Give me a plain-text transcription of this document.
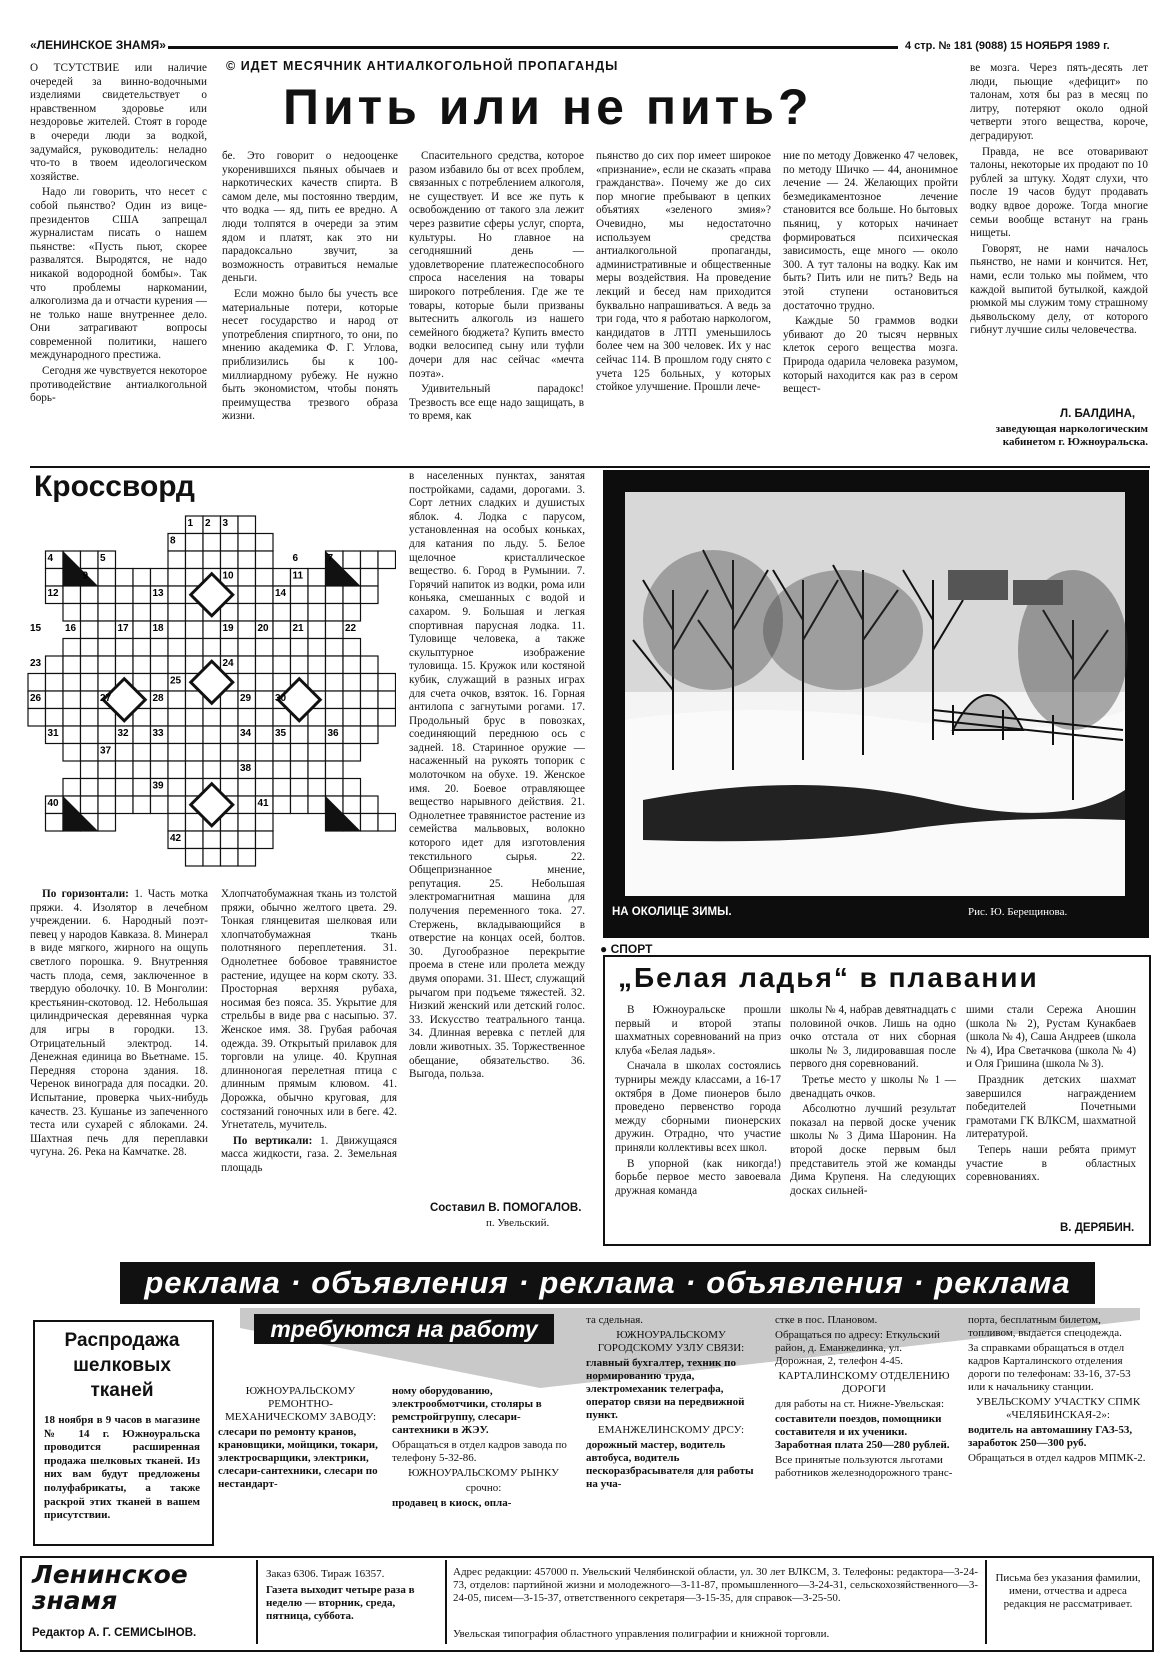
«ЛЕНИНСКОЕ ЗНАМЯ»	4 стр. № 181 (9088) 15 НОЯБРЯ 1989 г.
© ИДЕТ МЕСЯЧНИК АНТИАЛКОГОЛЬНОЙ ПРОПАГАНДЫ
Пить или не пить?

О ТСУТСТВИЕ или наличие очередей за винно-водочными изделиями свидетельствует о нравственном здоровье или нездоровье жителей. Стоят в городе в очереди люди за водкой, задумайся, руководитель: неладно что-то в твоем идеологическом хозяйстве.

Надо ли говорить, что несет с собой пьянство? Один из вице-президентов США запрещал журналистам писать о нашем пьянстве: «Пусть пьют, скорее развалятся. Выродятся, не надо никакой водородной бомбы». Так что проблемы наркомании, алкоголизма да и отчасти курения — не только наше внутреннее дело. Они затрагивают вопросы современной политики, нашего международного престижа.

Сегодня же чувствуется некоторое противодействие антиалкогольной борь-

бе. Это говорит о недооценке укоренившихся пьяных обычаев и наркотических качеств спирта. В самом деле, мы постоянно твердим, что водка — яд, пить ее вредно. А люди толпятся в очереди за этим ядом и платят, как это ни парадоксально звучит, за возможность отравиться немалые деньги.

Если можно было бы учесть все материальные потери, которые несет государство и народ от употребления спиртного, то они, по мнению академика Ф. Г. Углова, приблизились бы к 100-миллиардному рубежу. Не нужно быть экономистом, чтобы понять преимущества трезвого образа жизни.

Спасительного средства, которое разом избавило бы от всех проблем, связанных с потреблением алкоголя, не существует. И все же путь к освобождению от такого зла лежит через развитие сферы услуг, спорта, культуры. Но главное на сегодняшний день — удовлетворение платежеспособного спроса населения на товары широкого потребления. Где же те товары, которые были призваны вытеснить алкоголь из нашего семейного бюджета? Купить вместо водки велосипед сыну или туфли дочери для нас сейчас «мечта поэта».

Удивительный парадокс! Трезвость все еще надо защищать, в то время, как

пьянство до сих пор имеет широкое «признание», если не сказать «права гражданства». Почему же до сих пор многие пребывают в цепких объятиях «зеленого змия»? Очевидно, мы недостаточно используем средства антиалкогольной пропаганды, административные и общественные меры воздействия. На проведение лекций и бесед нам приходится буквально напрашиваться. А ведь за три года, что я работаю наркологом, кандидатов в ЛТП уменьшилось более чем на 300 человек. Их у нас сейчас 114. В прошлом году снято с учета 125 больных, у которых стойкое улучшение. Прошли лече-

ние по методу Довженко 47 человек, по методу Шичко — 44, анонимное лечение — 24. Желающих пройти безмедикаментозное лечение становится все больше. Но бытовых пьяниц, у которых начинает формироваться психическая зависимость, еще много — около 300. А тут талоны на водку. Как им быть? Пить или не пить? Ведь на этой ступени остановиться достаточно трудно.

Каждые 50 граммов водки убивают до 20 тысяч нервных клеток серого вещества мозга. Природа одарила человека разумом, который находится как раз в сером вещест-

ве мозга. Через пять-десять лет люди, пьющие «дефицит» по талонам, хотя бы раз в месяц по литру, потеряют около одной четверти этого вещества, короче, деградируют.

Правда, не все отоваривают талоны, некоторые их продают по 10 рублей за штуку. Ходят слухи, что после 19 часов будут продавать водку вдвое дороже. Тогда многие семьи вообще встанут на грань нищеты.

Говорят, не нами началось пьянство, не нами и кончится. Нет, нами, если только мы поймем, что каждой выпитой бутылкой, каждой рюмкой мы служим тому страшному дьявольскому делу, от которого гибнут лучшие силы человечества.

Л. БАЛДИНА,
заведующая наркологическим кабинетом г. Южноуральска.
Кроссворд
1 2 3
4	5	6	7
8
9	10	11
12	13	14
15 16	17 18	19 20 21	22
23	24
25
26	27	28	29 30
31	32 33	34 35	36
37
38
39
40	41
42

По горизонтали: 1. Часть мотка пряжи. 4. Изолятор в лечебном учреждении. 6. Народный поэт-певец у народов Кавказа. 8. Минерал в виде мягкого, жирного на ощупь светлого порошка. 9. Внутренняя часть плода, семя, заключенное в твердую оболочку. 10. В Монголии: крестьянин-скотовод. 12. Небольшая цилиндрическая деревянная чурка для игры в городки. 13. Отрицательный электрод. 14. Денежная единица во Вьетнаме. 15. Передняя сторона здания. 18. Черенок винограда для посадки. 20. Испытание, проверка чьих-нибудь качеств. 23. Кушанье из запеченного теста или сухарей с яблоками. 24. Шахтная печь для переплавки чугуна. 26. Река на Камчатке. 28.

Хлопчатобумажная ткань из толстой пряжи, обычно желтого цвета. 29. Тонкая глянцевитая шелковая или хлопчатобумажная ткань полотняного переплетения. 31. Однолетнее бобовое травянистое растение, идущее на корм скоту. 33. Просторная верхняя рубаха, носимая без пояса. 35. Укрытие для стрельбы в виде рва с насыпью. 37. Женское имя. 38. Грубая рабочая одежда. 39. Открытый прилавок для торговли на улице. 40. Крупная длинноногая перелетная птица с длинным прямым клювом. 41. Дорожка, обычно круговая, для состязаний гоночных или в беге. 42. Угнетатель, мучитель.

По вертикали: 1. Движущаяся масса жидкости, газа. 2. Земельная площадь

в населенных пунктах, занятая постройками, садами, дорогами. 3. Сорт летних сладких и душистых яблок. 4. Лодка с парусом, установленная на особых коньках, для катания по льду. 5. Белое щелочное кристаллическое вещество. 6. Город в Румынии. 7. Горячий напиток из водки, рома или коньяка, смешанных с водой и сахаром. 9. Большая и легкая спортивная парусная лодка. 11. Туловище человека, а также скульптурное изображение туловища. 15. Кружок или костяной кубик, служащий в разных играх для счета очков, взяток. 16. Горная антилопа с загнутыми рогами. 17. Продольный брус в повозках, соединяющий переднюю ось с задней. 18. Старинное оружие — насаженный на рукоять топорик с молоточком на обухе. 19. Женское имя. 20. Боевое отравляющее вещество нарывного действия. 21. Однолетнее травянистое растение из семейства мальвовых, волокно которого идет для изготовления текстильного сырья. 22. Общепризнанное мнение, репутация. 25. Небольшая электромагнитная машина для получения переменного тока. 27. Стержень, вкладывающийся в отверстие на концах осей, болтов. 30. Дугообразное перекрытие проема в стене или пролета между двумя опорами. 31. Шест, служащий рычагом при подъеме тяжестей. 32. Низкий женский или детский голос. 33. Искусство театрального танца. 34. Длинная веревка с петлей для ловли животных. 35. Торжественное обещание, обязательство. 36. Выгода, польза.

Составил В. ПОМОГАЛОВ.
п. Увельский.
НА ОКОЛИЦЕ ЗИМЫ.	Рис. Ю. Берещинова.
● СПОРТ
„Белая ладья“ в плавании

В Южноуральске прошли первый и второй этапы шахматных соревнований на приз клуба «Белая ладья».

Сначала в школах состоялись турниры между классами, а 16-17 октября в Доме пионеров было проведено первенство города между сборными пионерских дружин. Отрадно, что участие приняли коллективы всех школ.

В упорной (как никогда!) борьбе первое место завоевала дружная команда

школы № 4, набрав девятнадцать с половиной очков. Лишь на одно очко отстала от них сборная школы № 3, лидировавшая после первого дня соревнований.

Третье место у школы № 1 — двенадцать очков.

Абсолютно лучший результат показал на первой доске ученик школы № 3 Дима Шаронин. На второй доске первым был представитель этой же команды Дима Крупеня. На следующих досках сильней-

шими стали Сережа Аношин (школа № 2), Рустам Кунакбаев (школа № 4), Саша Андреев (школа № 4), Ира Светачкова (школа № 4) и Оля Гришина (школа № 3).

Праздник детских шахмат завершился награждением победителей Почетными грамотами ГК ВЛКСМ, шахматной литературой.

Теперь наши ребята примут участие в областных соревнованиях.

В. ДЕРЯБИН.
реклама · объявления · реклама · объявления · реклама
требуются на работу
Распродажа шелковых тканей
18 ноября в 9 часов в магазине № 14 г. Южноуральска проводится расширенная продажа шелковых тканей. Из них вам будут предложены полуфабрикаты, а также раскрой этих тканей в вашем присутствии.

ЮЖНОУРАЛЬСКОМУ РЕМОНТНО-МЕХАНИЧЕСКОМУ ЗАВОДУ:

слесари по ремонту кранов, крановщики, мойщики, токари, электросварщики, электрики, слесари-сантехники, слесари по нестандарт-

ному оборудованию, электрообмотчики, столяры в ремстройгруппу, слесари-сантехники в ЖЭУ.

Обращаться в отдел кадров завода по телефону 5-32-86.

ЮЖНОУРАЛЬСКОМУ РЫНКУ

срочно:

продавец в киоск, опла-

та сдельная.

ЮЖНОУРАЛЬСКОМУ ГОРОДСКОМУ УЗЛУ СВЯЗИ:

главный бухгалтер, техник по нормированию труда, электромеханик телеграфа, оператор связи на передвижной пункт.

ЕМАНЖЕЛИНСКОМУ ДРСУ:

дорожный мастер, водитель автобуса, водитель пескоразбрасывателя для работы на уча-

стке в пос. Плановом.

Обращаться по адресу: Еткульский район, д. Еманжелинка, ул. Дорожная, 2, телефон 4-45.

КАРТАЛИНСКОМУ ОТДЕЛЕНИЮ ДОРОГИ

для работы на ст. Нижне-Увельская:

составители поездов, помощники составителя и их ученики. Заработная плата 250—280 рублей.

Все принятые пользуются льготами работников железнодорожного транс-

порта, бесплатным билетом, топливом, выдается спецодежда.

За справками обращаться в отдел кадров Карталинского отделения дороги по телефонам: 33-16, 37-53 или к начальнику станции.

УВЕЛЬСКОМУ УЧАСТКУ СПМК «ЧЕЛЯБИНСКАЯ-2»:

водитель на автомашину ГАЗ-53, заработок 250—300 руб.

Обращаться в отдел кадров МПМК-2.

Ленинское знамя
Редактор А. Г. СЕМИСЫНОВ.
Заказ 6306. Тираж 16357.
Газета выходит четыре раза в неделю — вторник, среда, пятница, суббота.
Адрес редакции: 457000 п. Увельский Челябинской области, ул. 30 лет ВЛКСМ, 3. Телефоны: редактора—3-24-73, отделов: партийной жизни и молодежного—3-11-87, промышленного—3-24-31, сельскохозяйственного—3-24-05, писем—3-15-37, ответственного секретаря—3-15-35, для справок—3-25-50.
Увельская типография областного управления полиграфии и книжной торговли.
Письма без указания фамилии, имени, отчества и адреса редакция не рассматривает.
